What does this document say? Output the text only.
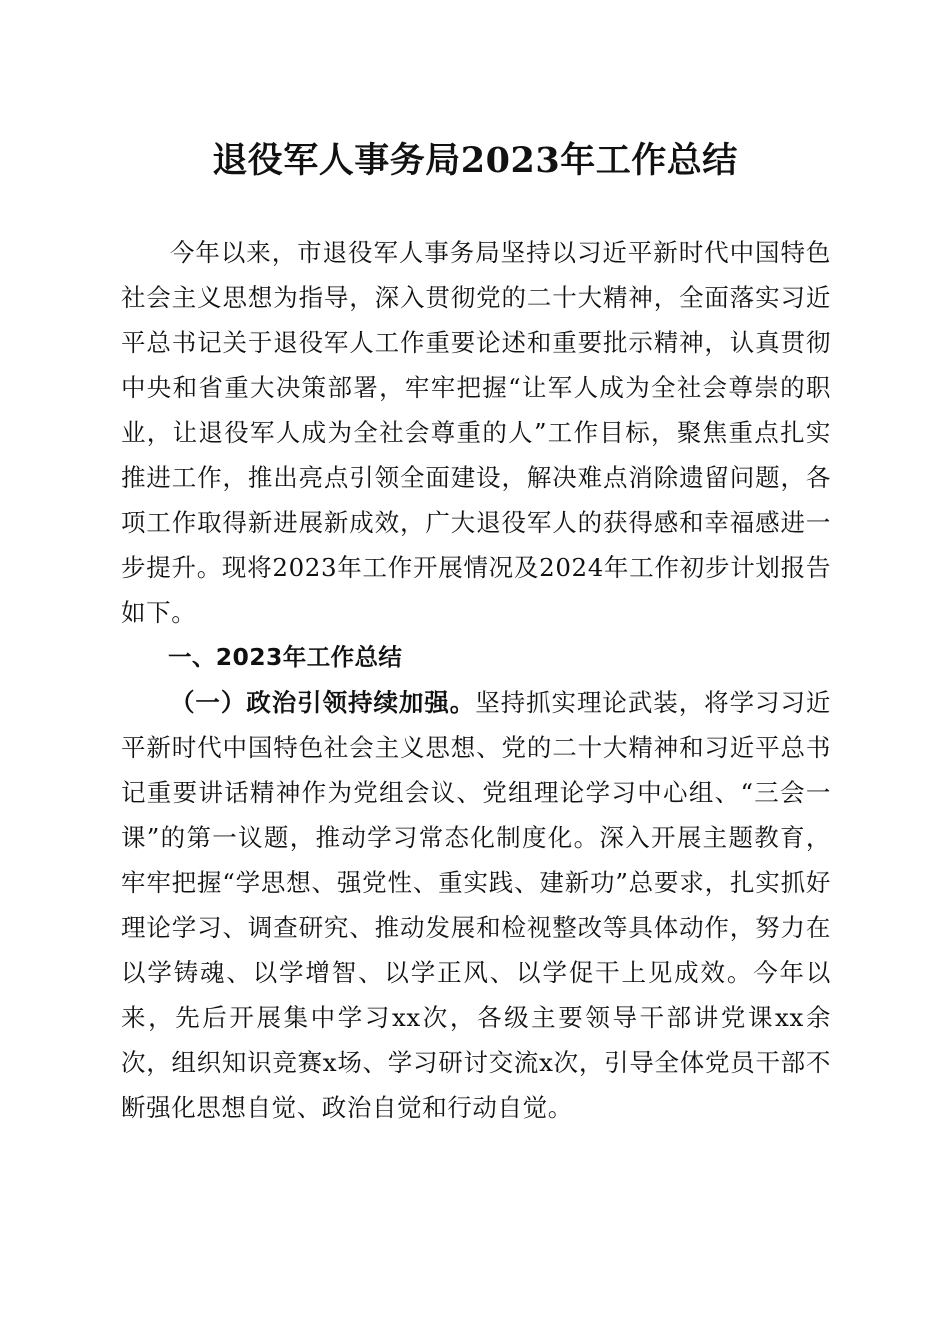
退役军人事务局2023年工作总结

今年以来，市退役军人事务局坚持以习近平新时代中国特色社会主义思想为指导，深入贯彻党的二十大精神，全面落实习近平总书记关于退役军人工作重要论述和重要批示精神，认真贯彻中央和省重大决策部署，牢牢把握“让军人成为全社会尊崇的职业，让退役军人成为全社会尊重的人”工作目标，聚焦重点扎实推进工作，推出亮点引领全面建设，解决难点消除遗留问题，各项工作取得新进展新成效，广大退役军人的获得感和幸福感进一步提升。现将2023年工作开展情况及2024年工作初步计划报告如下。

一、2023年工作总结

（一）政治引领持续加强。坚持抓实理论武装，将学习习近平新时代中国特色社会主义思想、党的二十大精神和习近平总书记重要讲话精神作为党组会议、党组理论学习中心组、“三会一课”的第一议题，推动学习常态化制度化。深入开展主题教育，牢牢把握“学思想、强党性、重实践、建新功”总要求，扎实抓好理论学习、调查研究、推动发展和检视整改等具体动作，努力在以学铸魂、以学增智、以学正风、以学促干上见成效。今年以来，先后开展集中学习xx次，各级主要领导干部讲党课xx余次，组织知识竞赛x场、学习研讨交流x次，引导全体党员干部不断强化思想自觉、政治自觉和行动自觉。
